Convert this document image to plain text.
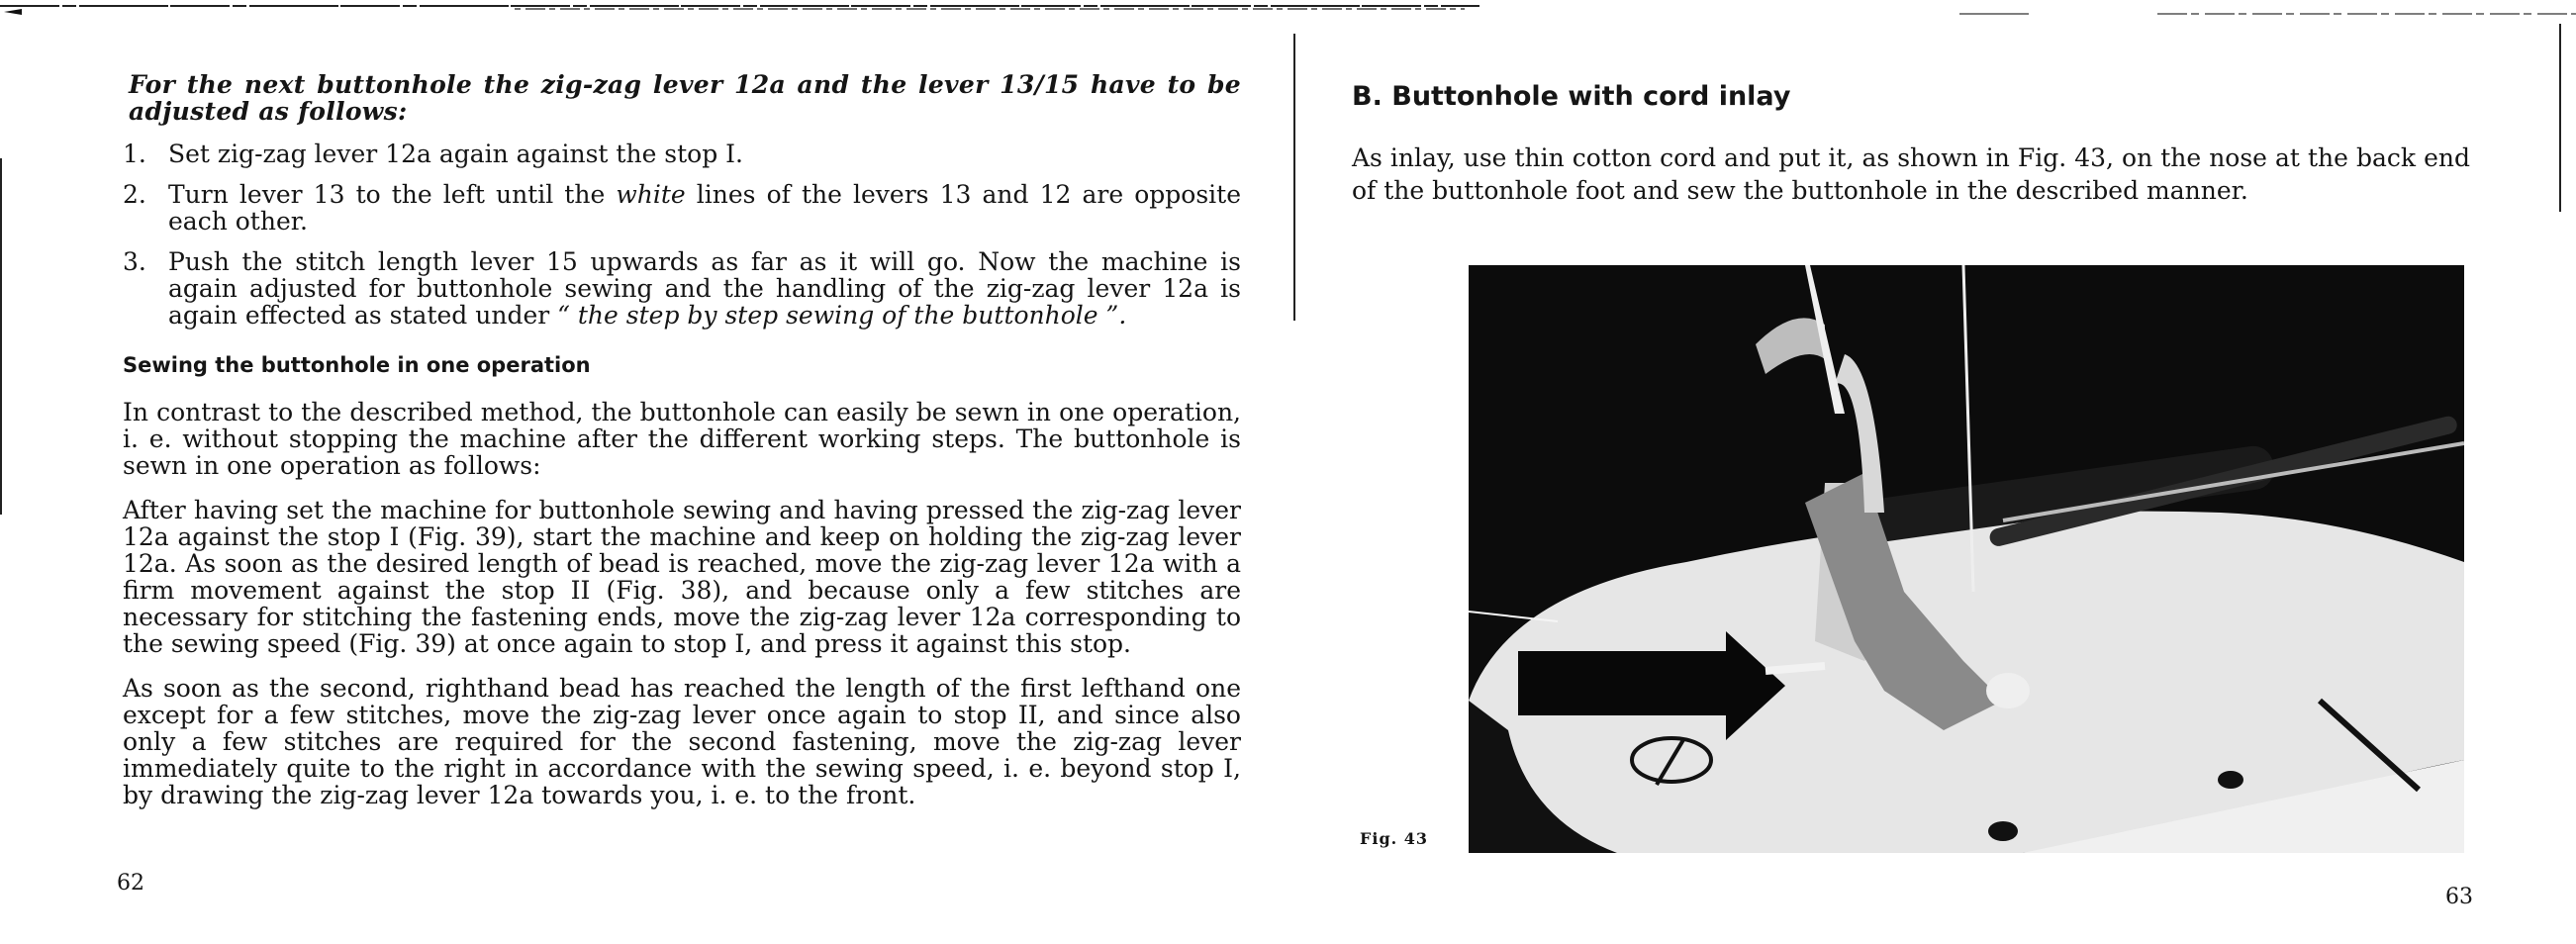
For the next buttonhole the zig-zag lever 12a and the lever 13/15 have to be adjusted as follows:

1. Set zig-zag lever 12a again against the stop I.
2. Turn lever 13 to the left until the white lines of the levers 13 and 12 are opposite each other.
3. Push the stitch length lever 15 upwards as far as it will go. Now the machine is again adjusted for buttonhole sewing and the handling of the zig-zag lever 12a is again effected as stated under “ the step by step sewing of the buttonhole ”.
Sewing the buttonhole in one operation

In contrast to the described method, the buttonhole can easily be sewn in one operation, i. e. without stopping the machine after the different working steps. The buttonhole is sewn in one operation as follows:

After having set the machine for buttonhole sewing and having pressed the zig-zag lever 12a against the stop I (Fig. 39), start the machine and keep on holding the zig-zag lever 12a. As soon as the desired length of bead is reached, move the zig-zag lever 12a with a firm movement against the stop II (Fig. 38), and because only a few stitches are necessary for stitching the fastening ends, move the zig-zag lever 12a corresponding to the sewing speed (Fig. 39) at once again to stop I, and press it against this stop.

As soon as the second, righthand bead has reached the length of the first lefthand one except for a few stitches, move the zig-zag lever once again to stop II, and since also only a few stitches are required for the second fastening, move the zig-zag lever immediately quite to the right in accordance with the sewing speed, i. e. beyond stop I, by drawing the zig-zag lever 12a towards you, i. e. to the front.

62
B. Buttonhole with cord inlay

As inlay, use thin cotton cord and put it, as shown in Fig. 43, on the nose at the back end of the buttonhole foot and sew the buttonhole in the described manner.

Fig. 43
63
